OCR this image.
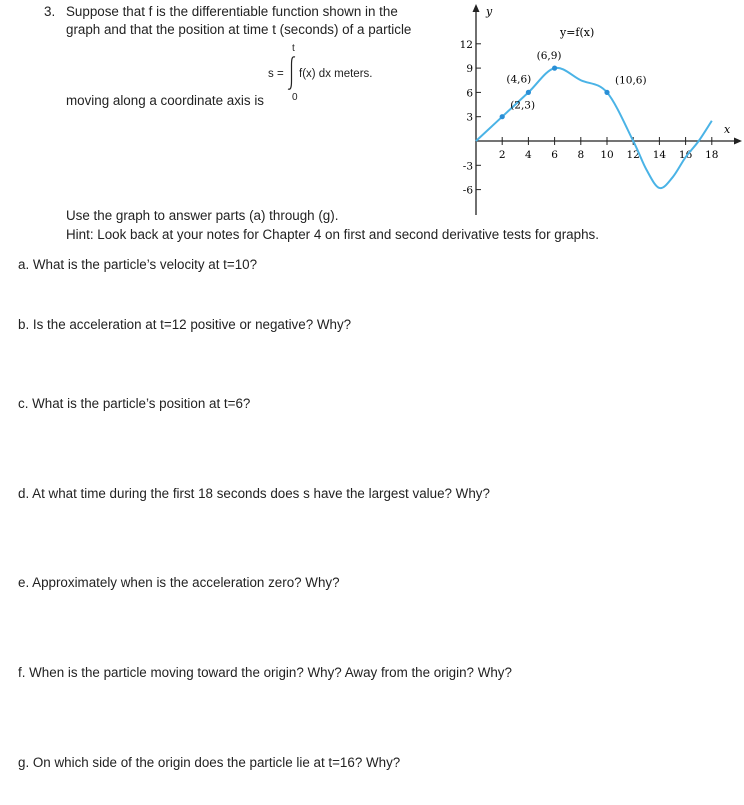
3. Suppose that f is the differentiable function shown in the
graph and that the position at time t (seconds) of a particle
moving along a coordinate axis is
s =
t
0
f(x) dx meters.
2 4 6 8 10 12 14 16 18
12
9
6
3
-3
-6
(2,3)
(4,6)
(6,9)
(10,6)
y
x
y=f(x)
Use the graph to answer parts (a) through (g).
Hint: Look back at your notes for Chapter 4 on first and second derivative tests for graphs.
a. What is the particle’s velocity at t=10?
b. Is the acceleration at t=12 positive or negative? Why?
c. What is the particle’s position at t=6?
d. At what time during the first 18 seconds does s have the largest value? Why?
e. Approximately when is the acceleration zero? Why?
f. When is the particle moving toward the origin? Why? Away from the origin? Why?
g. On which side of the origin does the particle lie at t=16? Why?
